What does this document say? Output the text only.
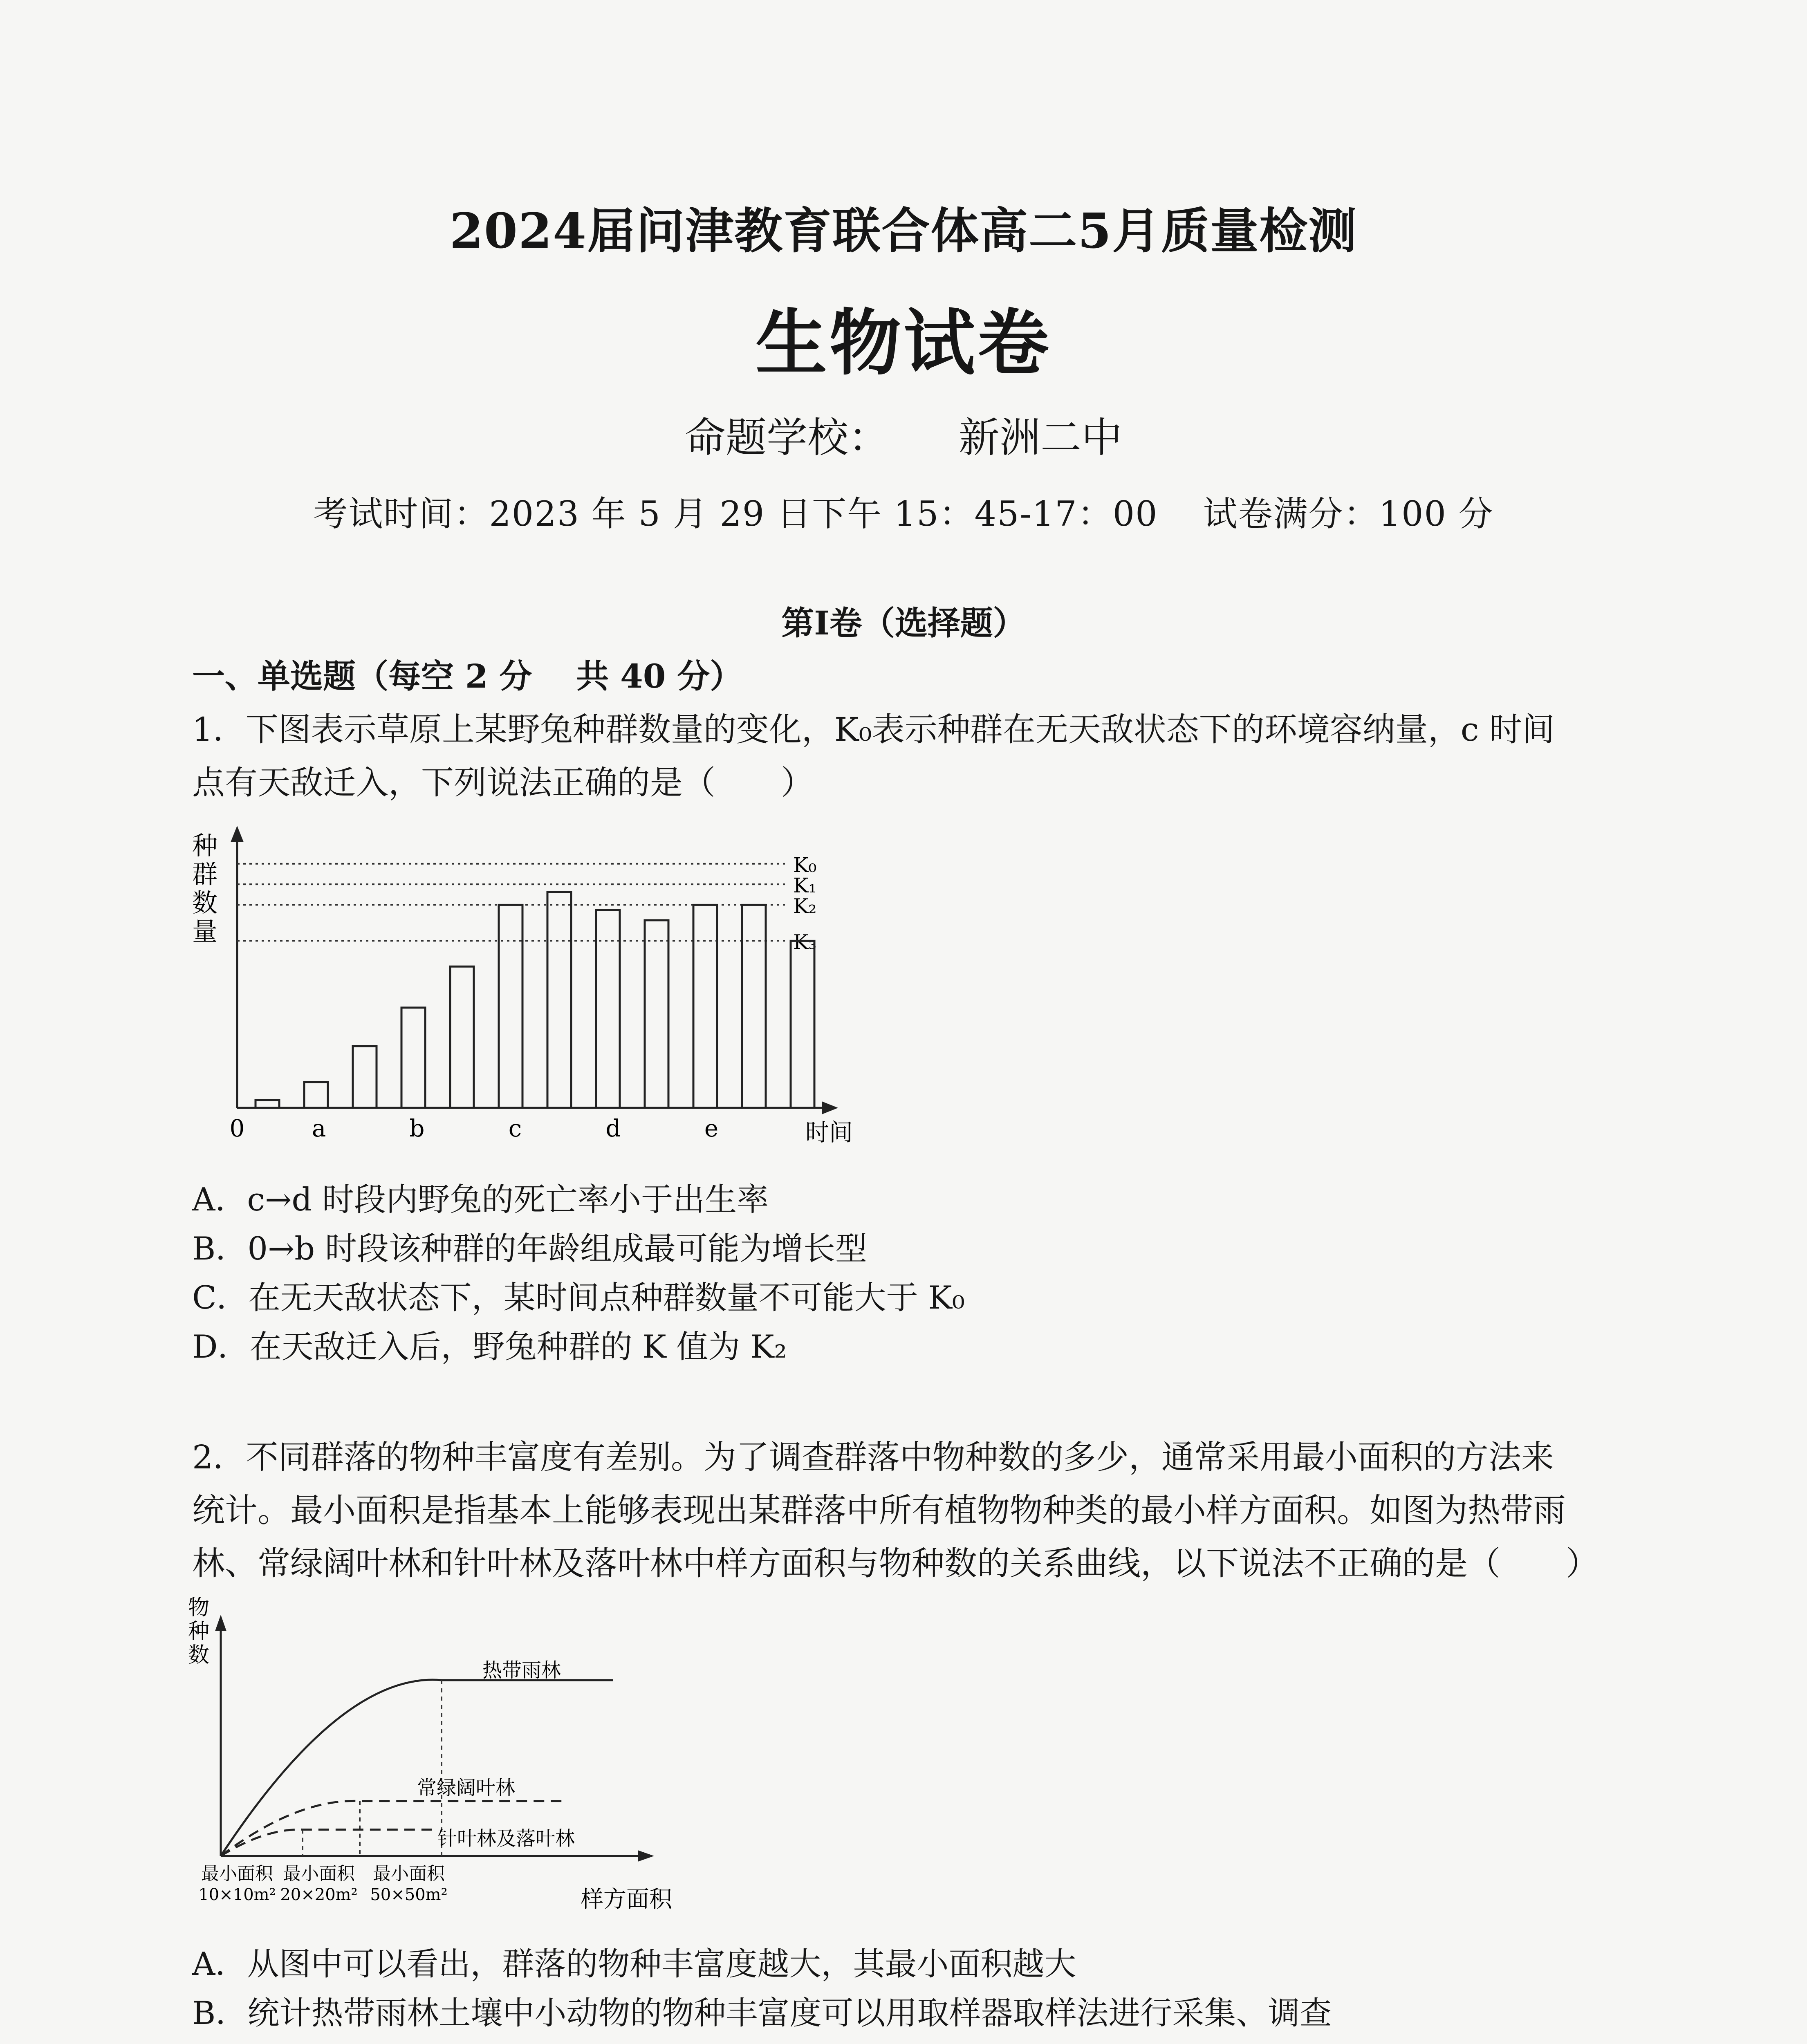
2024届问津教育联合体高二5月质量检测
生物试卷
命题学校： 新洲二中
考试时间：2023 年 5 月 29 日下午 15：45-17：00 试卷满分：100 分
第Ⅰ卷（选择题）
一、单选题（每空 2 分　 共 40 分）
1．下图表示草原上某野兔种群数量的变化，K₀表示种群在无天敌状态下的环境容纳量，c 时间
点有天敌迁入，下列说法正确的是（　　）
K₀
K₁
K₂
K₃
0	a	b	c	d	e
种群数量
时间
A．c→d 时段内野兔的死亡率小于出生率
B．0→b 时段该种群的年龄组成最可能为增长型
C．在无天敌状态下，某时间点种群数量不可能大于 K₀
D．在天敌迁入后，野兔种群的 K 值为 K₂
2．不同群落的物种丰富度有差别。为了调查群落中物种数的多少，通常采用最小面积的方法来
统计。最小面积是指基本上能够表现出某群落中所有植物物种类的最小样方面积。如图为热带雨
林、常绿阔叶林和针叶林及落叶林中样方面积与物种数的关系曲线，以下说法不正确的是（　　）
热带雨林
常绿阔叶林
针叶林及落叶林
最小面积
10×10m²
最小面积
20×20m²
最小面积
50×50m²
物种数
样方面积
A．从图中可以看出，群落的物种丰富度越大，其最小面积越大
B．统计热带雨林土壤中小动物的物种丰富度可以用取样器取样法进行采集、调查
